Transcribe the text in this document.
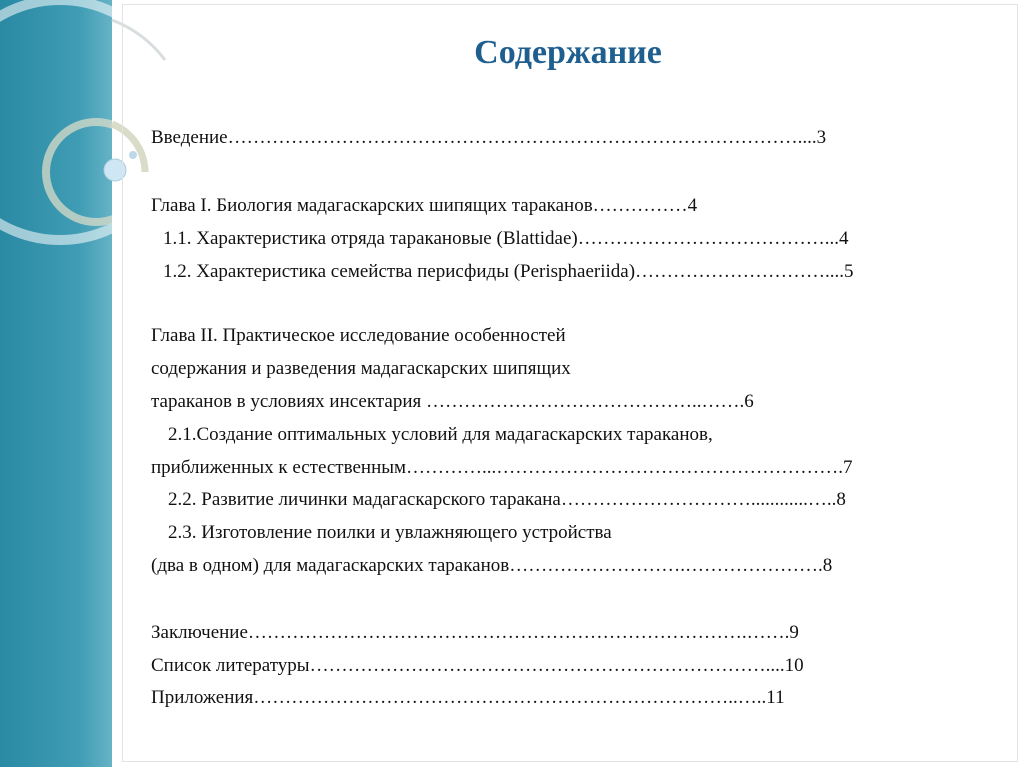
Содержание
Введение………………………………………………………………………………....3
Глава I. Биология мадагаскарских шипящих тараканов……………4
1.1. Характеристика отряда таракановые (Blattidae)…………………………………...4
1.2. Характеристика семейства перисфиды (Perisphaeriida)…………………………....5
Глава II. Практическое исследование особенностей
содержания и разведения мадагаскарских шипящих
тараканов в условиях инсектария ……………………………………..…….6
2.1.Создание оптимальных условий для мадагаскарских тараканов,
приближенных к естественным…………...……………………………………………….7
2.2. Развитие личинки мадагаскарского таракана…………………………............…..8
2.3. Изготовление поилки и увлажняющего устройства
(два в одном) для мадагаскарских тараканов……………………….………………….8
Заключение…………………………………………………………………….…….9
Список литературы………………………………………………………………....10
Приложения…………………………………………………………………..…..11
